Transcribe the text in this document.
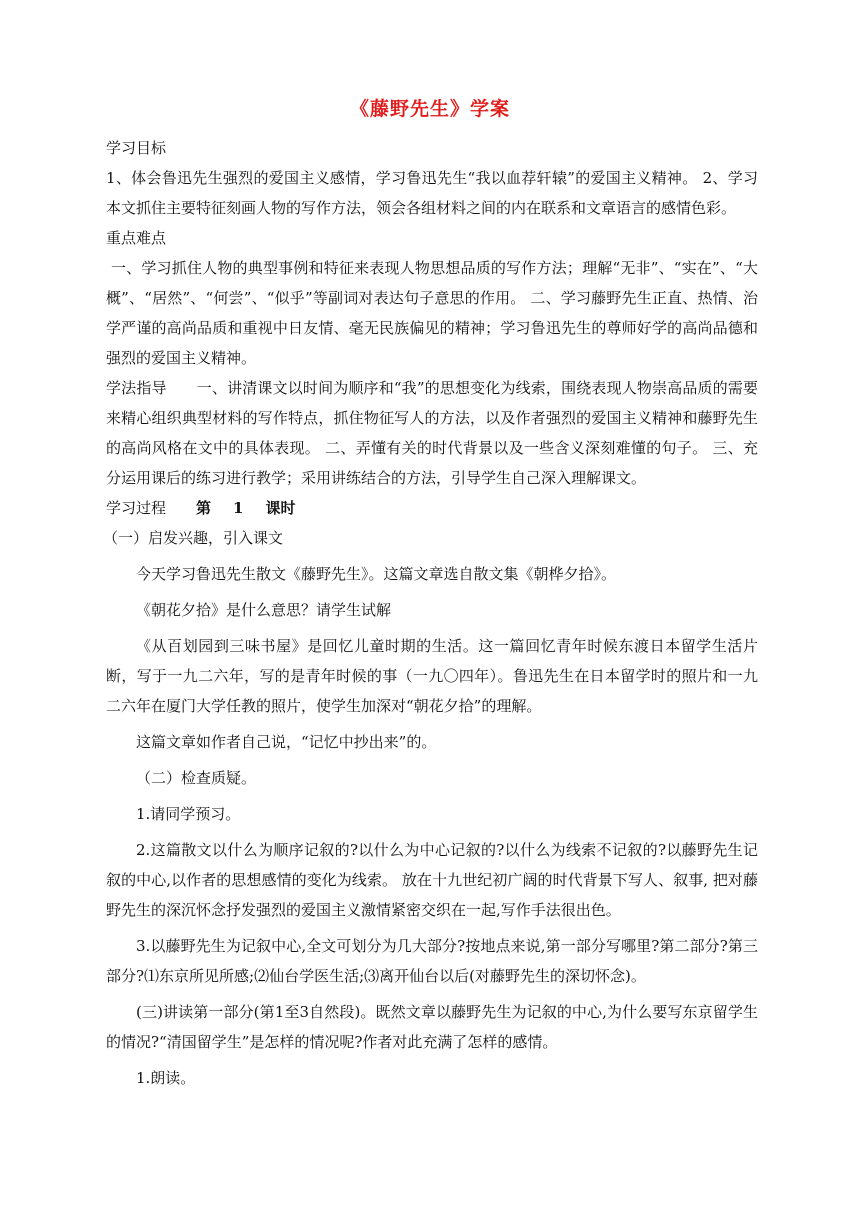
《藤野先生》学案

学习目标

1、体会鲁迅先生强烈的爱国主义感情，学习鲁迅先生“我以血荐轩辕”的爱国主义精神。 2、学习本文抓住主要特征刻画人物的写作方法，领会各组材料之间的内在联系和文章语言的感情色彩。

重点难点

一、学习抓住人物的典型事例和特征来表现人物思想品质的写作方法；理解“无非”、“实在”、“大概”、“居然”、“何尝”、“似乎”等副词对表达句子意思的作用。 二、学习藤野先生正直、热情、治学严谨的高尚品质和重视中日友情、毫无民族偏见的精神；学习鲁迅先生的尊师好学的高尚品德和强烈的爱国主义精神。

学法指导 一、讲清课文以时间为顺序和“我”的思想变化为线索，围绕表现人物崇高品质的需要来精心组织典型材料的写作特点，抓住物征写人的方法，以及作者强烈的爱国主义精神和藤野先生的高尚风格在文中的具体表现。 二、弄懂有关的时代背景以及一些含义深刻难懂的句子。 三、充分运用课后的练习进行教学；采用讲练结合的方法，引导学生自己深入理解课文。

学习过程 第 1 课时

（一）启发兴趣，引入课文

今天学习鲁迅先生散文《藤野先生》。这篇文章选自散文集《朝桦夕拾》。

《朝花夕拾》是什么意思？请学生试解

《从百划园到三味书屋》是回忆儿童时期的生活。这一篇回忆青年时候东渡日本留学生活片断，写于一九二六年，写的是青年时候的事（一九〇四年）。鲁迅先生在日本留学时的照片和一九二六年在厦门大学任教的照片，使学生加深对“朝花夕拾”的理解。

这篇文章如作者自己说，“记忆中抄出来”的。

（二）检查质疑。

1.请同学预习。

2.这篇散文以什么为顺序记叙的?以什么为中心记叙的?以什么为线索不记叙的?以藤野先生记叙的中心,以作者的思想感情的变化为线索。 放在十九世纪初广阔的时代背景下写人、叙事, 把对藤野先生的深沉怀念抒发强烈的爱国主义激情紧密交织在一起,写作手法很出色。

3.以藤野先生为记叙中心,全文可划分为几大部分?按地点来说,第一部分写哪里?第二部分?第三部分?⑴东京所见所感;⑵仙台学医生活;⑶离开仙台以后(对藤野先生的深切怀念)。

(三)讲读第一部分(第1至3自然段)。既然文章以藤野先生为记叙的中心,为什么要写东京留学生的情况?“清国留学生”是怎样的情况呢?作者对此充满了怎样的感情。

1.朗读。
